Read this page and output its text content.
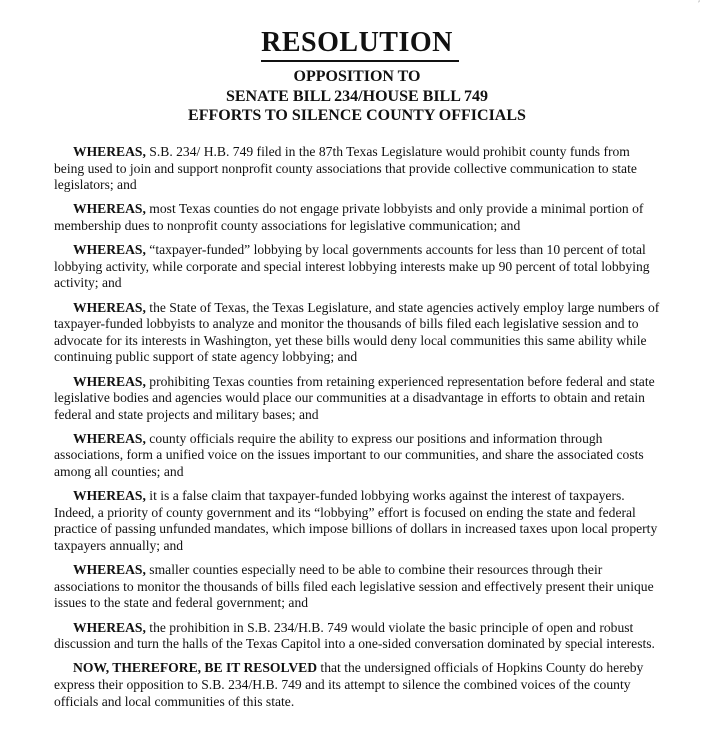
′
RESOLUTION
OPPOSITION TO
SENATE BILL 234/HOUSE BILL 749
EFFORTS TO SILENCE COUNTY OFFICIALS

WHEREAS, S.B. 234/ H.B. 749 filed in the 87th Texas Legislature would prohibit county funds from being used to join and support nonprofit county associations that provide collective communication to state legislators; and

WHEREAS, most Texas counties do not engage private lobbyists and only provide a minimal portion of membership dues to nonprofit county associations for legislative communication; and

WHEREAS, “taxpayer-funded” lobbying by local governments accounts for less than 10 percent of total lobbying activity, while corporate and special interest lobbying interests make up 90 percent of total lobbying activity; and

WHEREAS, the State of Texas, the Texas Legislature, and state agencies actively employ large numbers of taxpayer-funded lobbyists to analyze and monitor the thousands of bills filed each legislative session and to advocate for its interests in Washington, yet these bills would deny local communities this same ability while continuing public support of state agency lobbying; and

WHEREAS, prohibiting Texas counties from retaining experienced representation before federal and state legislative bodies and agencies would place our communities at a disadvantage in efforts to obtain and retain federal and state projects and military bases; and

WHEREAS, county officials require the ability to express our positions and information through associations, form a unified voice on the issues important to our communities, and share the associated costs among all counties; and

WHEREAS, it is a false claim that taxpayer-funded lobbying works against the interest of taxpayers. Indeed, a priority of county government and its “lobbying” effort is focused on ending the state and federal practice of passing unfunded mandates, which impose billions of dollars in increased taxes upon local property taxpayers annually; and

WHEREAS, smaller counties especially need to be able to combine their resources through their associations to monitor the thousands of bills filed each legislative session and effectively present their unique issues to the state and federal government; and

WHEREAS, the prohibition in S.B. 234/H.B. 749 would violate the basic principle of open and robust discussion and turn the halls of the Texas Capitol into a one-sided conversation dominated by special interests.

NOW, THEREFORE, BE IT RESOLVED that the undersigned officials of Hopkins County do hereby express their opposition to S.B. 234/H.B. 749 and its attempt to silence the combined voices of the county officials and local communities of this state.
